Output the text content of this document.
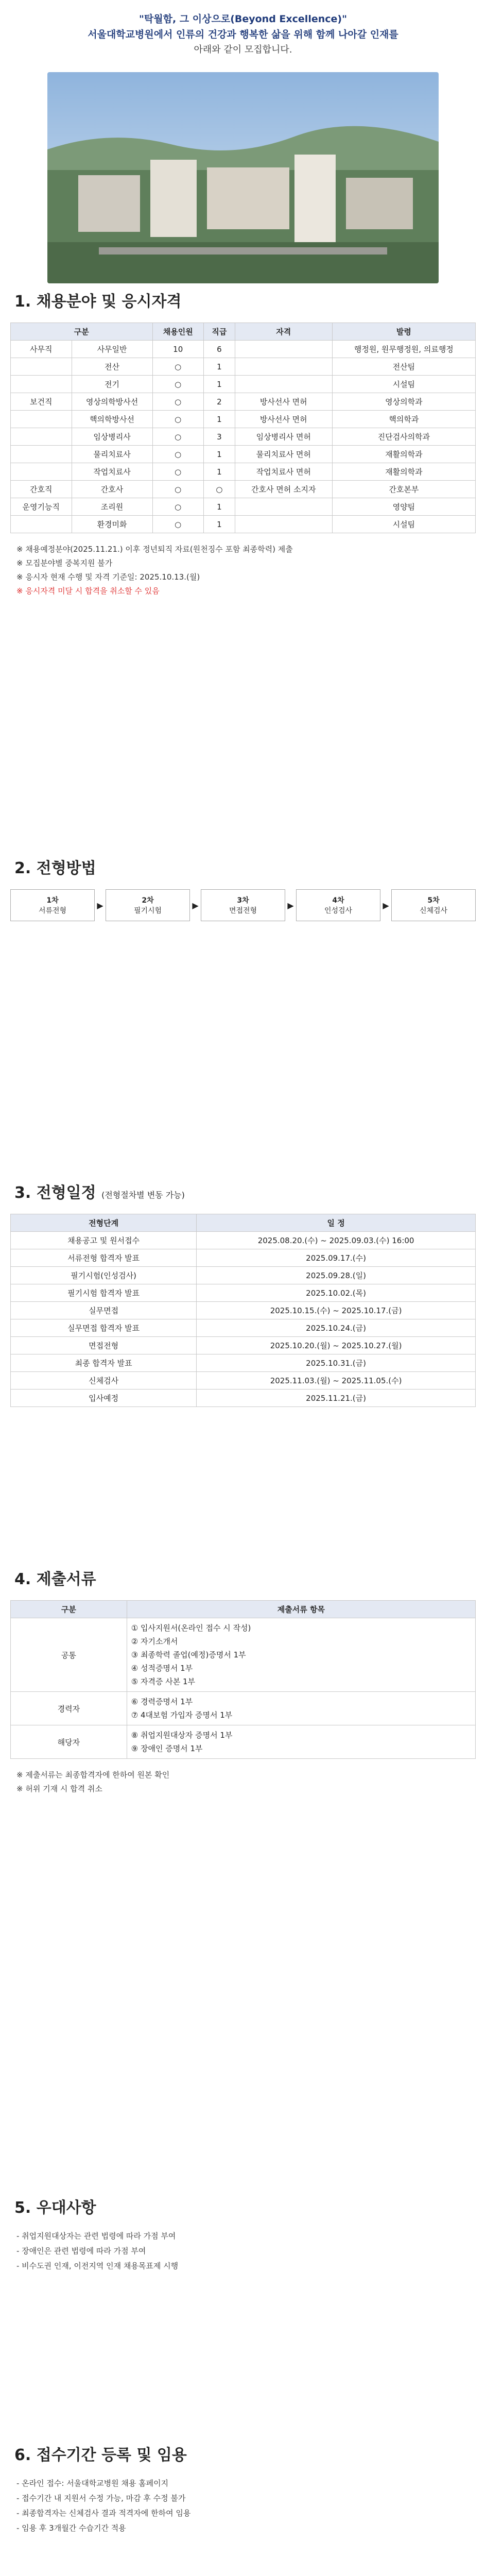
"탁월함, 그 이상으로(Beyond Excellence)"
서울대학교병원에서 인류의 건강과 행복한 삶을 위해 함께 나아갈 인재를
아래와 같이 모집합니다.
1. 채용분야 및 응시자격
구분		채용인원	직급	자격	발령
사무직	사무일반	10	6		행정원, 원무행정원, 의료행정
	전산	○	1		전산팀
	전기	○	1		시설팀
보건직	영상의학방사선	○	2	방사선사 면허	영상의학과
	핵의학방사선	○	1	방사선사 면허	핵의학과
	임상병리사	○	3	임상병리사 면허	진단검사의학과
	물리치료사	○	1	물리치료사 면허	재활의학과
	작업치료사	○	1	작업치료사 면허	재활의학과
간호직	간호사	○	○	간호사 면허 소지자	간호본부
운영기능직	조리원	○	1		영양팀
	환경미화	○	1		시설팀

※ 채용예정분야(2025.11.21.) 이후 정년퇴직 자료(원천징수 포함 최종학력) 제출

※ 모집분야별 중복지원 불가

※ 응시자 현재 수행 및 자격 기준일: 2025.10.13.(월)

※ 응시자격 미달 시 합격을 취소할 수 있음

2. 전형방법
1차
서류전형
▶	2차
필기시험
▶	3차
면접전형
▶	4차
인성검사
▶	5차
신체검사
3. 전형일정 (전형절차별 변동 가능)
전형단계	일 정
채용공고 및 원서접수	2025.08.20.(수) ~ 2025.09.03.(수) 16:00
서류전형 합격자 발표	2025.09.17.(수)
필기시험(인성검사)	2025.09.28.(일)
필기시험 합격자 발표	2025.10.02.(목)
실무면접	2025.10.15.(수) ~ 2025.10.17.(금)
실무면접 합격자 발표	2025.10.24.(금)
면접전형	2025.10.20.(월) ~ 2025.10.27.(월)
최종 합격자 발표	2025.10.31.(금)
신체검사	2025.11.03.(월) ~ 2025.11.05.(수)
입사예정	2025.11.21.(금)
4. 제출서류
구분	제출서류 항목
공통	① 입사지원서(온라인 접수 시 작성)
② 자기소개서
③ 최종학력 졸업(예정)증명서 1부
④ 성적증명서 1부
⑤ 자격증 사본 1부
경력자	⑥ 경력증명서 1부
⑦ 4대보험 가입자 증명서 1부
해당자	⑧ 취업지원대상자 증명서 1부
⑨ 장애인 증명서 1부

※ 제출서류는 최종합격자에 한하여 원본 확인

※ 허위 기재 시 합격 취소

5. 우대사항
- 취업지원대상자는 관련 법령에 따라 가점 부여
- 장애인은 관련 법령에 따라 가점 부여
- 비수도권 인재, 이전지역 인재 채용목표제 시행
6. 접수기간 등록 및 임용
- 온라인 접수: 서울대학교병원 채용 홈페이지
- 접수기간 내 지원서 수정 가능, 마감 후 수정 불가
- 최종합격자는 신체검사 결과 적격자에 한하여 임용
- 임용 후 3개월간 수습기간 적용
